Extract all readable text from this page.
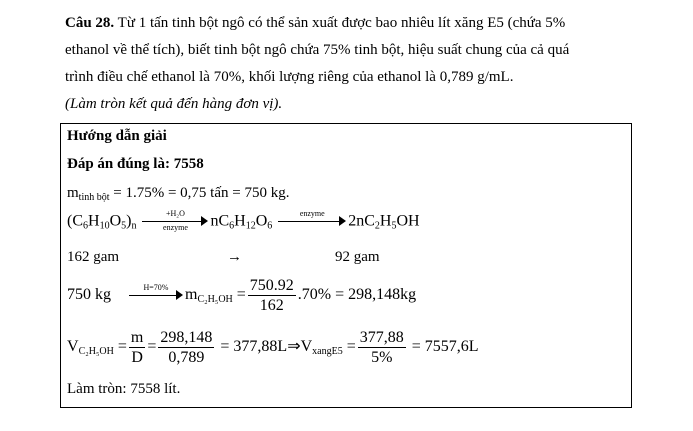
Câu 28. Từ 1 tấn tinh bột ngô có thể sản xuất được bao nhiêu lít xăng E5 (chứa 5%
ethanol về thể tích), biết tinh bột ngô chứa 75% tinh bột, hiệu suất chung của cả quá
trình điều chế ethanol là 70%, khối lượng riêng của ethanol là 0,789 g/mL.
(Làm tròn kết quả đến hàng đơn vị).
Hướng dẫn giải
Đáp án đúng là: 7558
$m_{tinh bột} = 1.75\% = 0,75$ tấn = 750 kg.
$(C_6H_{10}O_5)_n$
+H₂O
enzyme	$nC_6H_{12}O_6$
enzyme	$2nC_2H_5OH$
162 gam	→	92 gam
750 kg	H=70%	$m_{C_2H_5OH} = \frac{750.92}{162} .70\% = 298,148kg$
$V_{C_2H_5OH} = \frac{m}{D} = \frac{298,148}{0,789}$ = $377,88L\Rightarrow V_{xangE5} = \frac{377,88}{5\%} = 7557,6L$
Làm tròn: 7558 lít.
